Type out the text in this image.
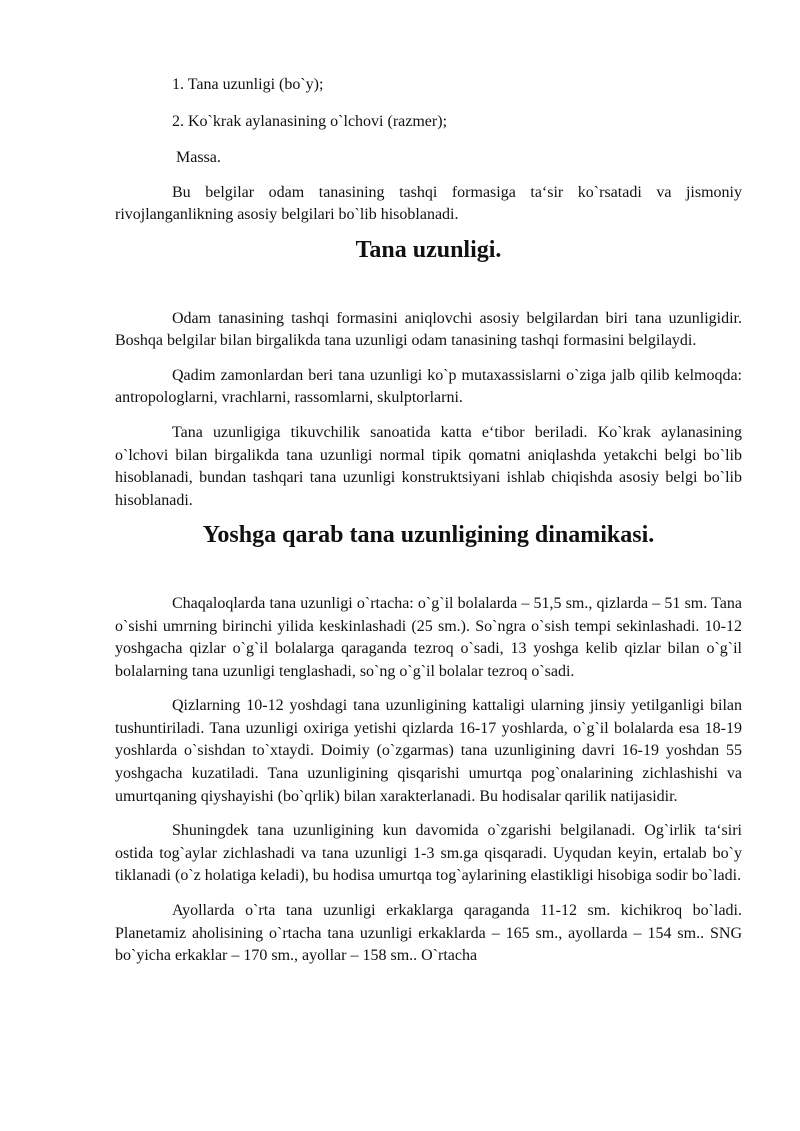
1. Tana uzunligi (bo`y);

2. Ko`krak aylanasining o`lchovi (razmer);

Massa.

Bu belgilar odam tanasining tashqi formasiga ta‘sir ko`rsatadi va jismoniy rivojlanganlikning asosiy belgilari bo`lib hisoblanadi.

Tana uzunligi.

Odam tanasining tashqi formasini aniqlovchi asosiy belgilardan biri tana uzunligidir. Boshqa belgilar bilan birgalikda tana uzunligi odam tanasining tashqi formasini belgilaydi.

Qadim zamonlardan beri tana uzunligi ko`p mutaxassislarni o`ziga jalb qilib kelmoqda: antropologlarni, vrachlarni, rassomlarni, skulptorlarni.

Tana uzunligiga tikuvchilik sanoatida katta e‘tibor beriladi. Ko`krak aylanasining o`lchovi bilan birgalikda tana uzunligi normal tipik qomatni aniqlashda yetakchi belgi bo`lib hisoblanadi, bundan tashqari tana uzunligi konstruktsiyani ishlab chiqishda asosiy belgi bo`lib hisoblanadi.

Yoshga qarab tana uzunligining dinamikasi.

Chaqaloqlarda tana uzunligi o`rtacha: o`g`il bolalarda – 51,5 sm., qizlarda – 51 sm. Tana o`sishi umrning birinchi yilida keskinlashadi (25 sm.). So`ngra o`sish tempi sekinlashadi. 10-12 yoshgacha qizlar o`g`il bolalarga qaraganda tezroq o`sadi, 13 yoshga kelib qizlar bilan o`g`il bolalarning tana uzunligi tenglashadi, so`ng o`g`il bolalar tezroq o`sadi.

Qizlarning 10-12 yoshdagi tana uzunligining kattaligi ularning jinsiy yetilganligi bilan tushuntiriladi. Tana uzunligi oxiriga yetishi qizlarda 16-17 yoshlarda, o`g`il bolalarda esa 18-19 yoshlarda o`sishdan to`xtaydi. Doimiy (o`zgarmas) tana uzunligining davri 16-19 yoshdan 55 yoshgacha kuzatiladi. Tana uzunligining qisqarishi umurtqa pog`onalarining zichlashishi va umurtqaning qiyshayishi (bo`qrlik) bilan xarakterlanadi. Bu hodisalar qarilik natijasidir.

Shuningdek tana uzunligining kun davomida o`zgarishi belgilanadi. Og`irlik ta‘siri ostida tog`aylar zichlashadi va tana uzunligi 1-3 sm.ga qisqaradi. Uyqudan keyin, ertalab bo`y tiklanadi (o`z holatiga keladi), bu hodisa umurtqa tog`aylarining elastikligi hisobiga sodir bo`ladi.

Ayollarda o`rta tana uzunligi erkaklarga qaraganda 11-12 sm. kichikroq bo`ladi. Planetamiz aholisining o`rtacha tana uzunligi erkaklarda – 165 sm., ayollarda – 154 sm.. SNG bo`yicha erkaklar – 170 sm., ayollar – 158 sm.. O`rtacha
